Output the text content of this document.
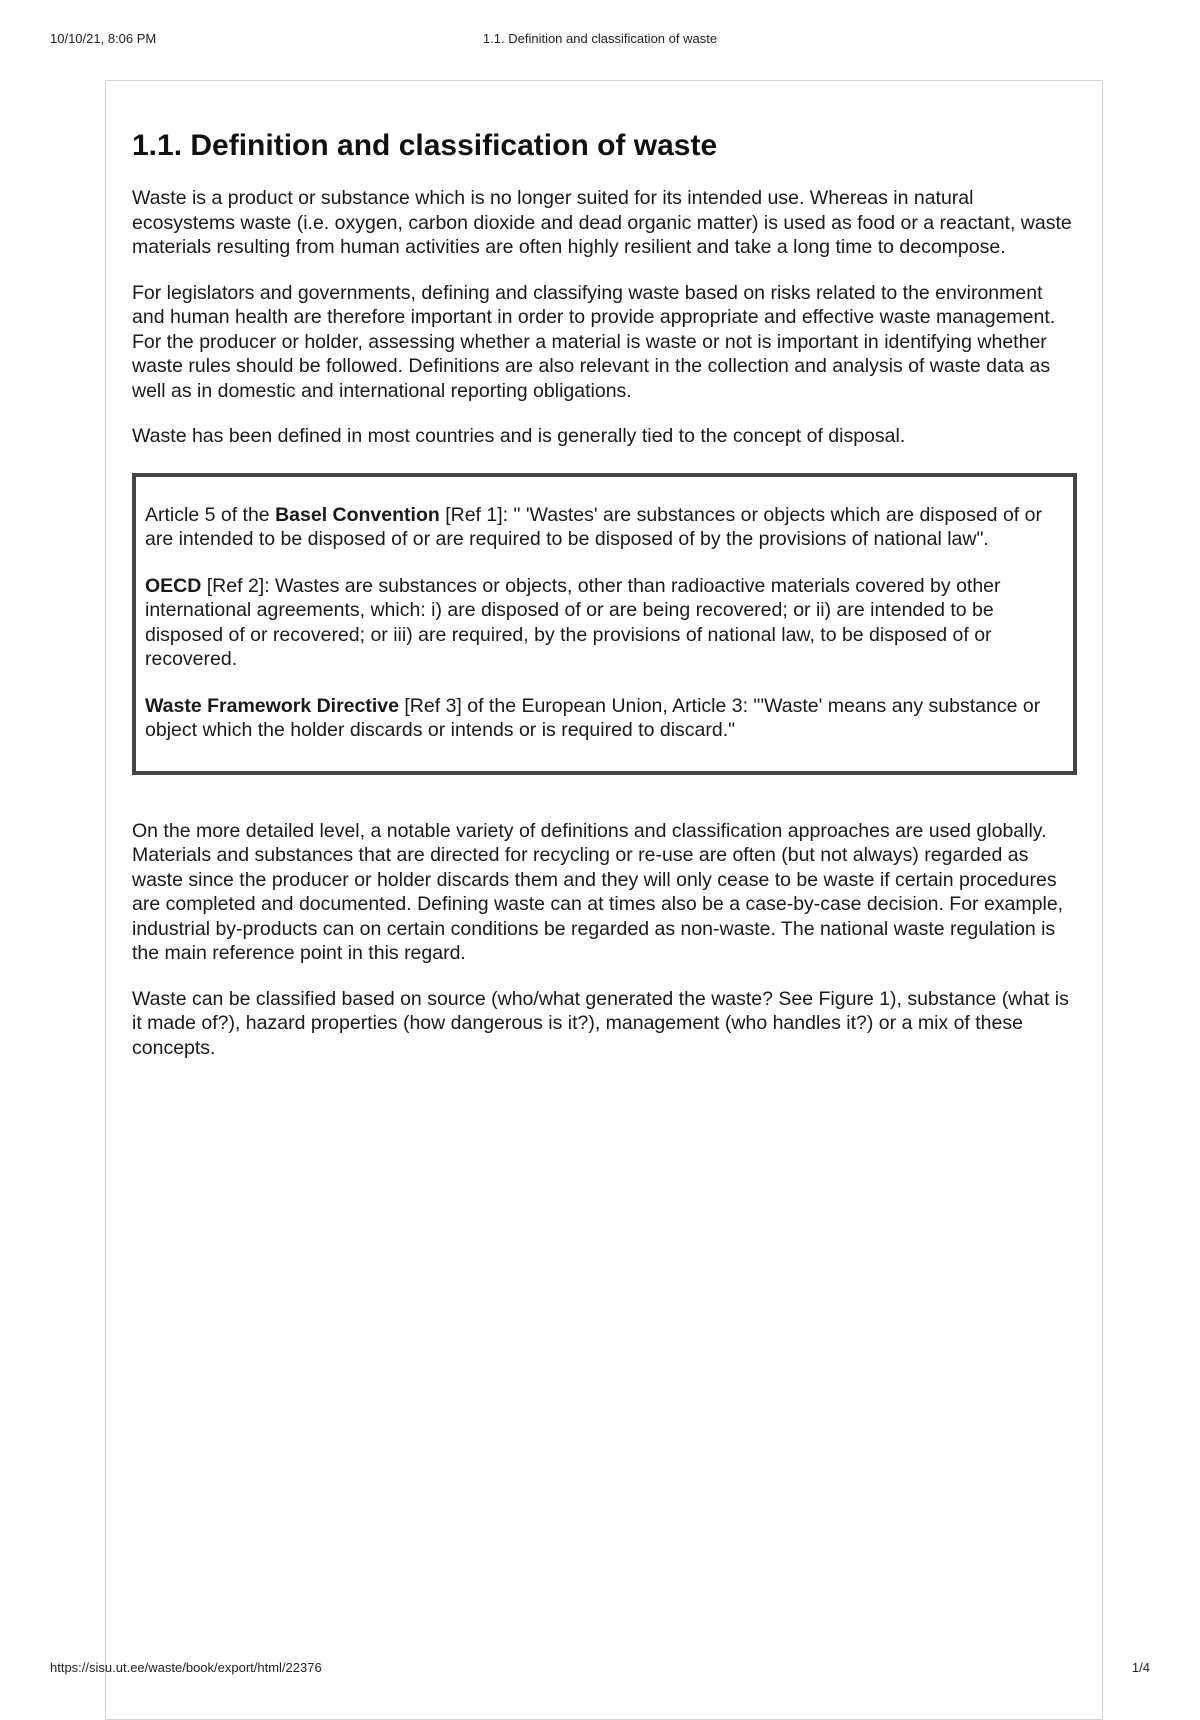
10/10/21, 8:06 PM	1.1. Definition and classification of waste
1.1. Definition and classification of waste

Waste is a product or substance which is no longer suited for its intended use. Whereas in natural ecosystems waste (i.e. oxygen, carbon dioxide and dead organic matter) is used as food or a reactant, waste materials resulting from human activities are often highly resilient and take a long time to decompose.

For legislators and governments, defining and classifying waste based on risks related to the environment and human health are therefore important in order to provide appropriate and effective waste management. For the producer or holder, assessing whether a material is waste or not is important in identifying whether waste rules should be followed. Definitions are also relevant in the collection and analysis of waste data as well as in domestic and international reporting obligations.

Waste has been defined in most countries and is generally tied to the concept of disposal.

Article 5 of the Basel Convention [Ref 1]: " 'Wastes' are substances or objects which are disposed of or are intended to be disposed of or are required to be disposed of by the provisions of national law".

OECD [Ref 2]: Wastes are substances or objects, other than radioactive materials covered by other international agreements, which: i) are disposed of or are being recovered; or ii) are intended to be disposed of or recovered; or iii) are required, by the provisions of national law, to be disposed of or recovered.

Waste Framework Directive [Ref 3] of the European Union, Article 3: "'Waste' means any substance or object which the holder discards or intends or is required to discard."

On the more detailed level, a notable variety of definitions and classification approaches are used globally. Materials and substances that are directed for recycling or re-use are often (but not always) regarded as waste since the producer or holder discards them and they will only cease to be waste if certain procedures are completed and documented. Defining waste can at times also be a case-by-case decision. For example, industrial by-products can on certain conditions be regarded as non-waste. The national waste regulation is the main reference point in this regard.

Waste can be classified based on source (who/what generated the waste? See Figure 1), substance (what is it made of?), hazard properties (how dangerous is it?), management (who handles it?) or a mix of these concepts.

https://sisu.ut.ee/waste/book/export/html/22376	1/4
